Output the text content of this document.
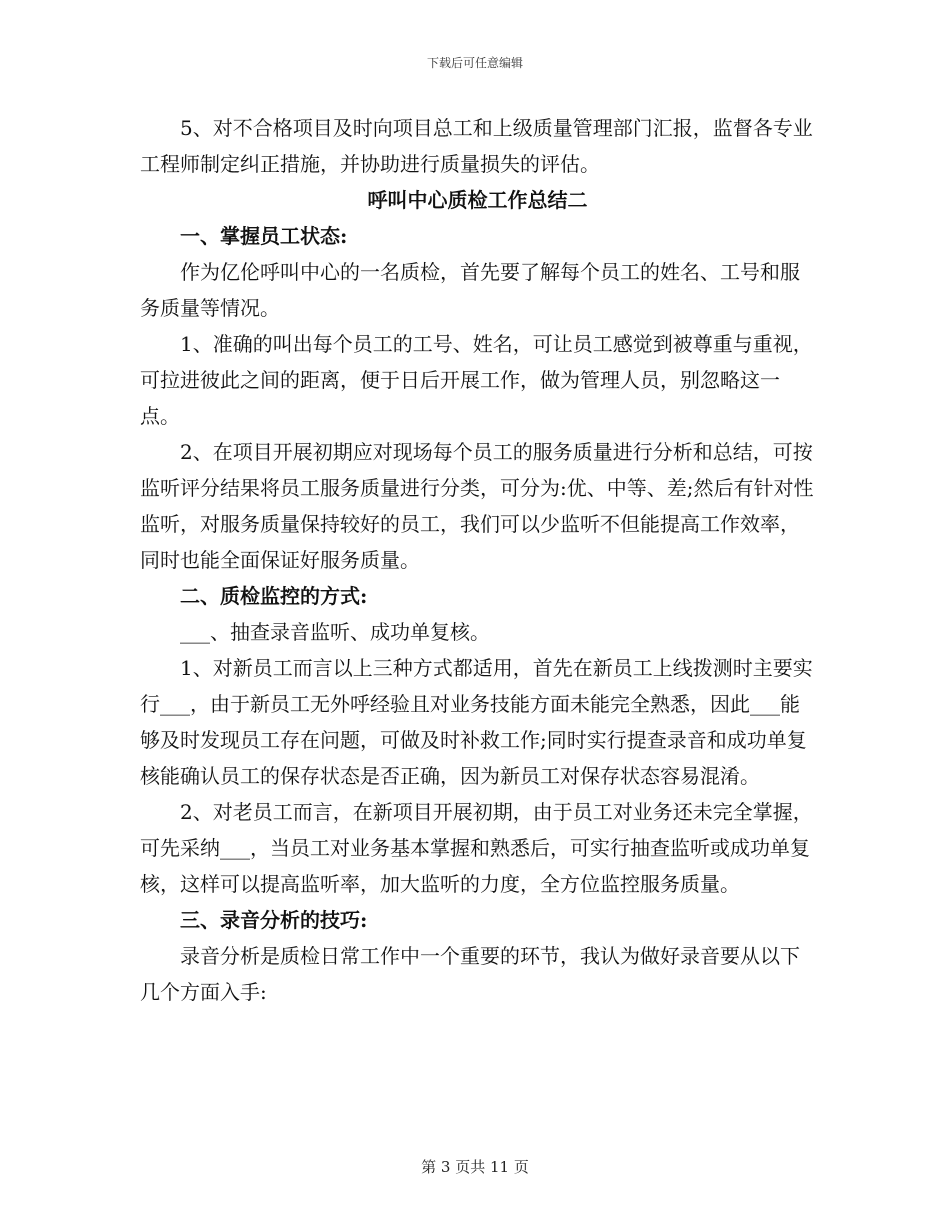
下载后可任意编辑

5、对不合格项目及时向项目总工和上级质量管理部门汇报，监督各专业工程师制定纠正措施，并协助进行质量损失的评估。

呼叫中心质检工作总结二

一、掌握员工状态:

作为亿伦呼叫中心的一名质检，首先要了解每个员工的姓名、工号和服务质量等情况。

1、准确的叫出每个员工的工号、姓名，可让员工感觉到被尊重与重视，可拉进彼此之间的距离，便于日后开展工作，做为管理人员，别忽略这一点。

2、在项目开展初期应对现场每个员工的服务质量进行分析和总结，可按监听评分结果将员工服务质量进行分类，可分为:优、中等、差;然后有针对性监听，对服务质量保持较好的员工，我们可以少监听不但能提高工作效率，同时也能全面保证好服务质量。

二、质检监控的方式:

___、抽查录音监听、成功单复核。

1、对新员工而言以上三种方式都适用，首先在新员工上线拨测时主要实行___，由于新员工无外呼经验且对业务技能方面未能完全熟悉，因此___能够及时发现员工存在问题，可做及时补救工作;同时实行提查录音和成功单复核能确认员工的保存状态是否正确，因为新员工对保存状态容易混淆。

2、对老员工而言，在新项目开展初期，由于员工对业务还未完全掌握，可先采纳___，当员工对业务基本掌握和熟悉后，可实行抽查监听或成功单复核，这样可以提高监听率，加大监听的力度，全方位监控服务质量。

三、录音分析的技巧:

录音分析是质检日常工作中一个重要的环节，我认为做好录音要从以下几个方面入手:

第 3 页共 11 页
